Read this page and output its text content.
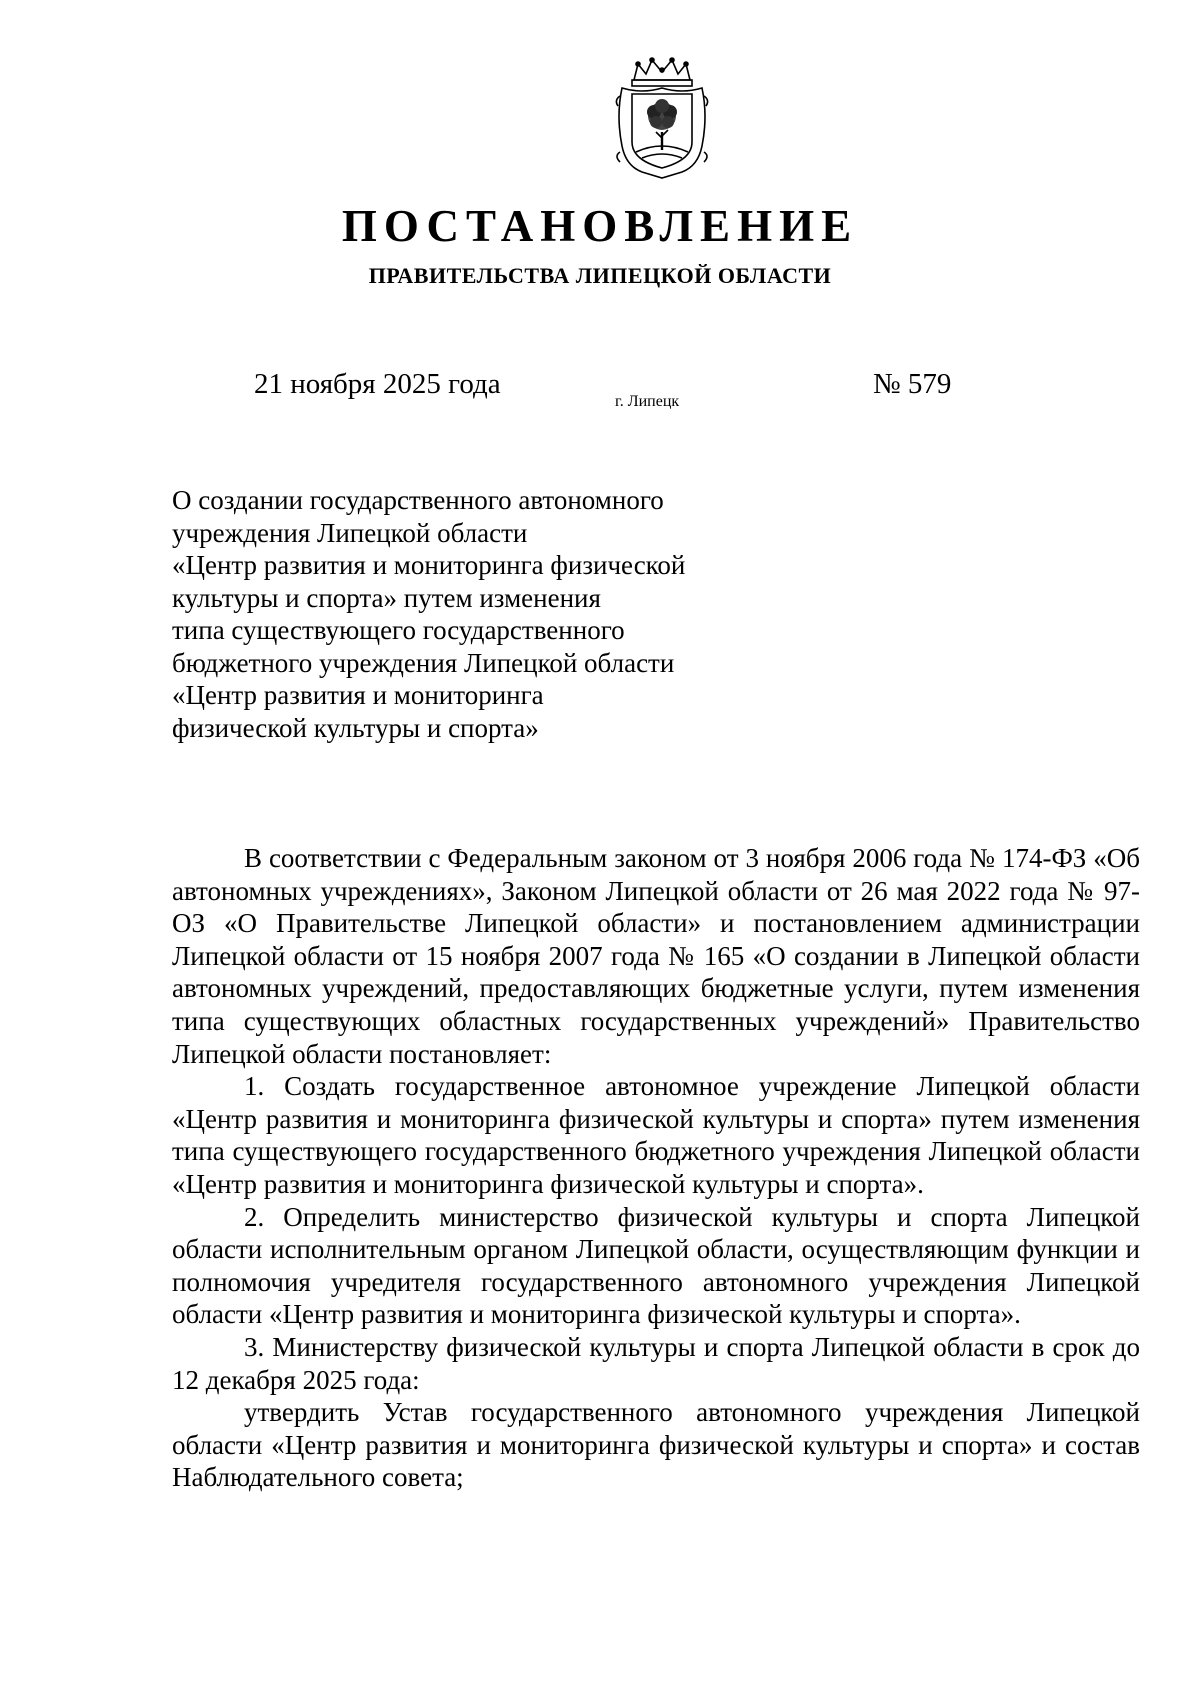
ПОСТАНОВЛЕНИЕ
ПРАВИТЕЛЬСТВА ЛИПЕЦКОЙ ОБЛАСТИ
21 ноября 2025 года
г. Липецк
№ 579
О создании государственного автономного
учреждения Липецкой области
«Центр развития и мониторинга физической
культуры и спорта» путем изменения
типа существующего государственного
бюджетного учреждения Липецкой области
«Центр развития и мониторинга
физической культуры и спорта»

В соответствии с Федеральным законом от 3 ноября 2006 года № 174-ФЗ «Об автономных учреждениях», Законом Липецкой области от 26 мая 2022 года № 97-ОЗ «О Правительстве Липецкой области» и постановлением администрации Липецкой области от 15 ноября 2007 года № 165 «О создании в Липецкой области автономных учреждений, предоставляющих бюджетные услуги, путем изменения типа существующих областных государственных учреждений» Правительство Липецкой области постановляет:

1. Создать государственное автономное учреждение Липецкой области «Центр развития и мониторинга физической культуры и спорта» путем изменения типа существующего государственного бюджетного учреждения Липецкой области «Центр развития и мониторинга физической культуры и спорта».

2. Определить министерство физической культуры и спорта Липецкой области исполнительным органом Липецкой области, осуществляющим функции и полномочия учредителя государственного автономного учреждения Липецкой области «Центр развития и мониторинга физической культуры и спорта».

3. Министерству физической культуры и спорта Липецкой области в срок до 12 декабря 2025 года:

утвердить Устав государственного автономного учреждения Липецкой области «Центр развития и мониторинга физической культуры и спорта» и состав Наблюдательного совета;
